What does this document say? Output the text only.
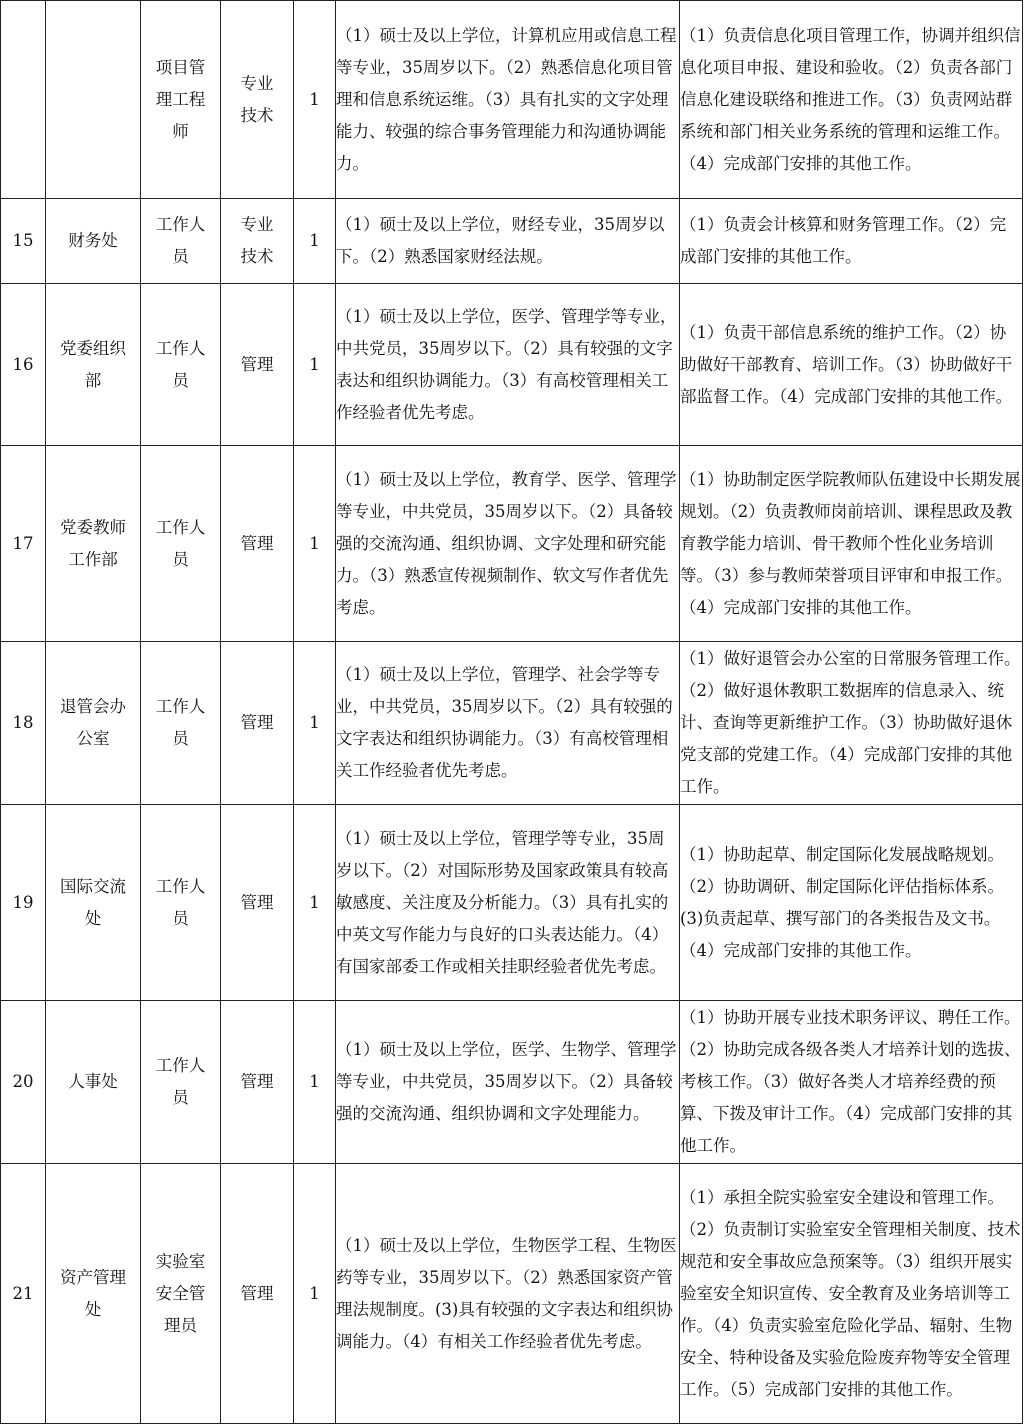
		项目管理工程师	专业技术	1	（1）硕士及以上学位，计算机应用或信息工程等专业，35周岁以下。（2）熟悉信息化项目管理和信息系统运维。（3）具有扎实的文字处理能力、较强的综合事务管理能力和沟通协调能力。	（1）负责信息化项目管理工作，协调并组织信息化项目申报、建设和验收。（2）负责各部门信息化建设联络和推进工作。（3）负责网站群系统和部门相关业务系统的管理和运维工作。（4）完成部门安排的其他工作。

15	财务处	工作人员	专业技术	1	（1）硕士及以上学位，财经专业，35周岁以下。（2）熟悉国家财经法规。	（1）负责会计核算和财务管理工作。（2）完成部门安排的其他工作。

16	党委组织部	工作人员	管理	1	（1）硕士及以上学位，医学、管理学等专业，中共党员，35周岁以下。（2）具有较强的文字表达和组织协调能力。（3）有高校管理相关工作经验者优先考虑。	（1）负责干部信息系统的维护工作。（2）协助做好干部教育、培训工作。（3）协助做好干部监督工作。（4）完成部门安排的其他工作。

17	党委教师工作部	工作人员	管理	1	（1）硕士及以上学位，教育学、医学、管理学等专业，中共党员，35周岁以下。（2）具备较强的交流沟通、组织协调、文字处理和研究能力。（3）熟悉宣传视频制作、软文写作者优先考虑。	（1）协助制定医学院教师队伍建设中长期发展规划。（2）负责教师岗前培训、课程思政及教育教学能力培训、骨干教师个性化业务培训等。（3）参与教师荣誉项目评审和申报工作。（4）完成部门安排的其他工作。

18	退管会办公室	工作人员	管理	1	（1）硕士及以上学位，管理学、社会学等专业，中共党员，35周岁以下。（2）具有较强的文字表达和组织协调能力。（3）有高校管理相关工作经验者优先考虑。	（1）做好退管会办公室的日常服务管理工作。（2）做好退休教职工数据库的信息录入、统计、查询等更新维护工作。（3）协助做好退休党支部的党建工作。（4）完成部门安排的其他工作。

19	国际交流处	工作人员	管理	1	（1）硕士及以上学位，管理学等专业，35周岁以下。（2）对国际形势及国家政策具有较高敏感度、关注度及分析能力。（3）具有扎实的中英文写作能力与良好的口头表达能力。（4）有国家部委工作或相关挂职经验者优先考虑。	（1）协助起草、制定国际化发展战略规划。（2）协助调研、制定国际化评估指标体系。(3)负责起草、撰写部门的各类报告及文书。（4）完成部门安排的其他工作。

20	人事处	工作人员	管理	1	（1）硕士及以上学位，医学、生物学、管理学等专业，中共党员，35周岁以下。（2）具备较强的交流沟通、组织协调和文字处理能力。	（1）协助开展专业技术职务评议、聘任工作。（2）协助完成各级各类人才培养计划的选拔、考核工作。（3）做好各类人才培养经费的预算、下拨及审计工作。（4）完成部门安排的其他工作。

21	资产管理处	实验室安全管理员	管理	1	（1）硕士及以上学位，生物医学工程、生物医药等专业，35周岁以下。（2）熟悉国家资产管理法规制度。(3)具有较强的文字表达和组织协调能力。（4）有相关工作经验者优先考虑。	（1）承担全院实验室安全建设和管理工作。（2）负责制订实验室安全管理相关制度、技术规范和安全事故应急预案等。（3）组织开展实验室安全知识宣传、安全教育及业务培训等工作。（4）负责实验室危险化学品、辐射、生物安全、特种设备及实验危险废弃物等安全管理工作。（5）完成部门安排的其他工作。
